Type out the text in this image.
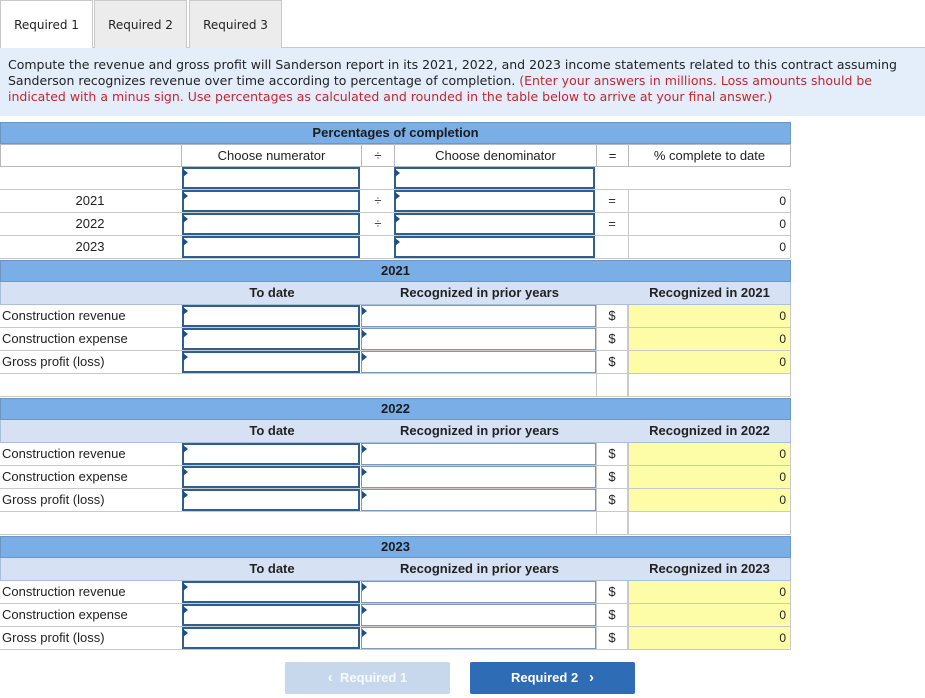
Required 1	Required 2	Required 3
Compute the revenue and gross profit will Sanderson report in its 2021, 2022, and 2023 income statements related to this contract assuming Sanderson recognizes revenue over time according to percentage of completion. (Enter your answers in millions. Loss amounts should be indicated with a minus sign. Use percentages as calculated and rounded in the table below to arrive at your final answer.)
Percentages of completion
Choose numerator	÷	Choose denominator	=	% complete to date
2021	÷	=	0
2022	÷	=	0
2023	0
2021
To date	Recognized in prior years	Recognized in 2021
Construction revenue	$	0
Construction expense	$	0
Gross profit (loss)	$	0
2022
To date	Recognized in prior years	Recognized in 2022
Construction revenue	$	0
Construction expense	$	0
Gross profit (loss)	$	0
2023
To date	Recognized in prior years	Recognized in 2023
Construction revenue	$	0
Construction expense	$	0
Gross profit (loss)	$	0
‹ Required 1	Required 2 ›
